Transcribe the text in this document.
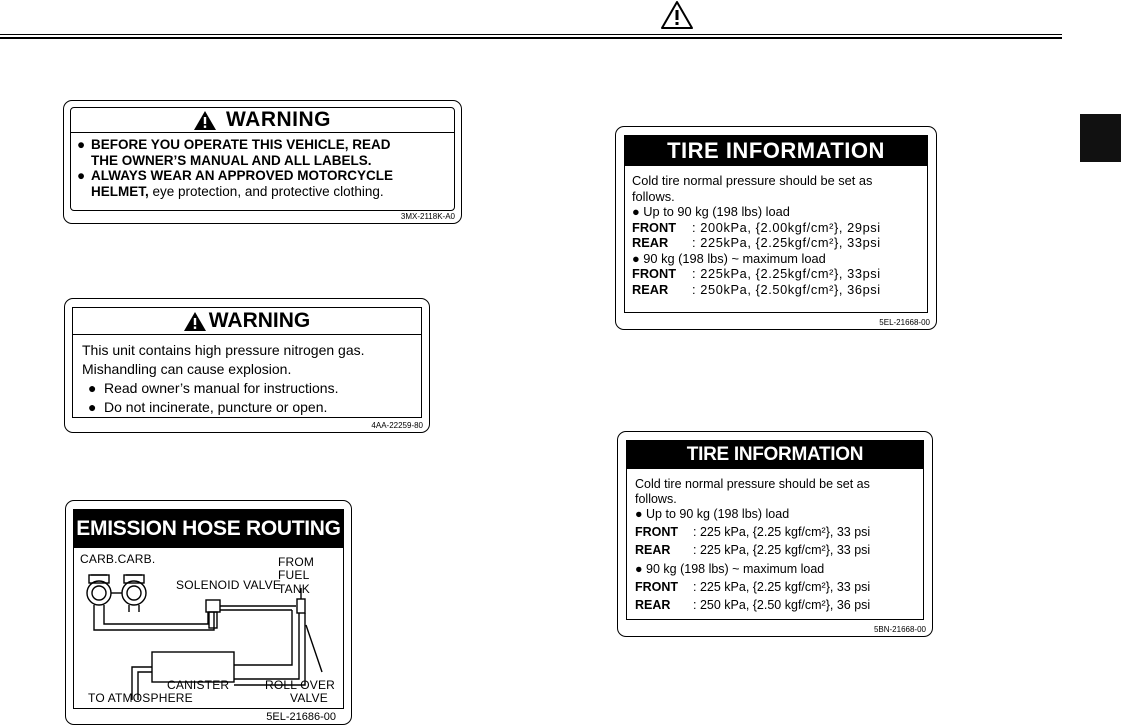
WARNING
● BEFORE YOU OPERATE THIS VEHICLE, READ
THE OWNER’S MANUAL AND ALL LABELS.
● ALWAYS WEAR AN APPROVED MOTORCYCLE
HELMET, eye protection, and protective clothing.
3MX-2118K-A0
WARNING
This unit contains high pressure nitrogen gas.
Mishandling can cause explosion.
● Read owner’s manual for instructions.
● Do not incinerate, puncture or open.
4AA-22259-80
EMISSION HOSE ROUTING
CARB.CARB.	FROM
FUEL TANK
SOLENOID VALVE
CANISTER	ROLL OVER
VALVE
TO ATMOSPHERE
5EL-21686-00
TIRE INFORMATION
Cold tire normal pressure should be set as
follows.
● Up to 90 kg (198 lbs) load
FRONT	: 200kPa, {2.00kgf/cm²}, 29psi
REAR	: 225kPa, {2.25kgf/cm²}, 33psi
● 90 kg (198 lbs) ~ maximum load
FRONT	: 225kPa, {2.25kgf/cm²}, 33psi
REAR	: 250kPa, {2.50kgf/cm²}, 36psi
5EL-21668-00
TIRE INFORMATION
Cold tire normal pressure should be set as
follows.
● Up to 90 kg (198 lbs) load
FRONT	: 225 kPa, {2.25 kgf/cm²}, 33 psi
REAR	: 225 kPa, {2.25 kgf/cm²}, 33 psi
● 90 kg (198 lbs) ~ maximum load
FRONT	: 225 kPa, {2.25 kgf/cm²}, 33 psi
REAR	: 250 kPa, {2.50 kgf/cm²}, 36 psi
5BN-21668-00
